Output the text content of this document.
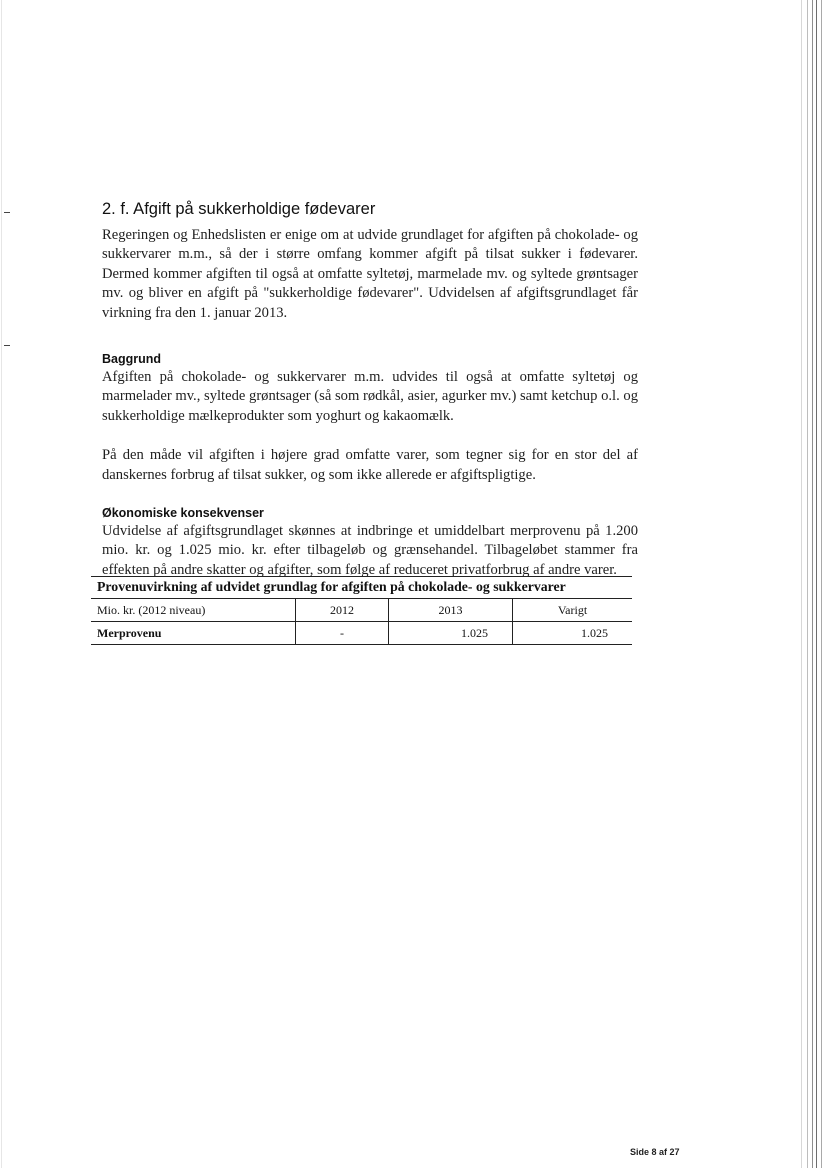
2. f. Afgift på sukkerholdige fødevarer

Regeringen og Enhedslisten er enige om at udvide grundlaget for afgiften på chokolade- og sukkervarer m.m., så der i større omfang kommer afgift på tilsat sukker i fødevarer. Dermed kommer afgiften til også at omfatte syltetøj, marmelade mv. og syltede grøntsager mv. og bliver en afgift på "sukkerholdige fødevarer". Udvidelsen af afgiftsgrundlaget får virkning fra den 1. januar 2013.

Baggrund

Afgiften på chokolade- og sukkervarer m.m. udvides til også at omfatte syltetøj og marmelader mv., syltede grøntsager (så som rødkål, asier, agurker mv.) samt ketchup o.l. og sukkerholdige mælkeprodukter som yoghurt og kakaomælk.

På den måde vil afgiften i højere grad omfatte varer, som tegner sig for en stor del af danskernes forbrug af tilsat sukker, og som ikke allerede er afgiftspligtige.

Økonomiske konsekvenser

Udvidelse af afgiftsgrundlaget skønnes at indbringe et umiddelbart merprovenu på 1.200 mio. kr. og 1.025 mio. kr. efter tilbageløb og grænsehandel. Tilbageløbet stammer fra effekten på andre skatter og afgifter, som følge af reduceret privatforbrug af andre varer.

Provenuvirkning af udvidet grundlag for afgiften på chokolade- og sukkervarer			
Mio. kr. (2012 niveau)	2012	2013	Varigt
Merprovenu	-	1.025	1.025
Side 8 af 27
